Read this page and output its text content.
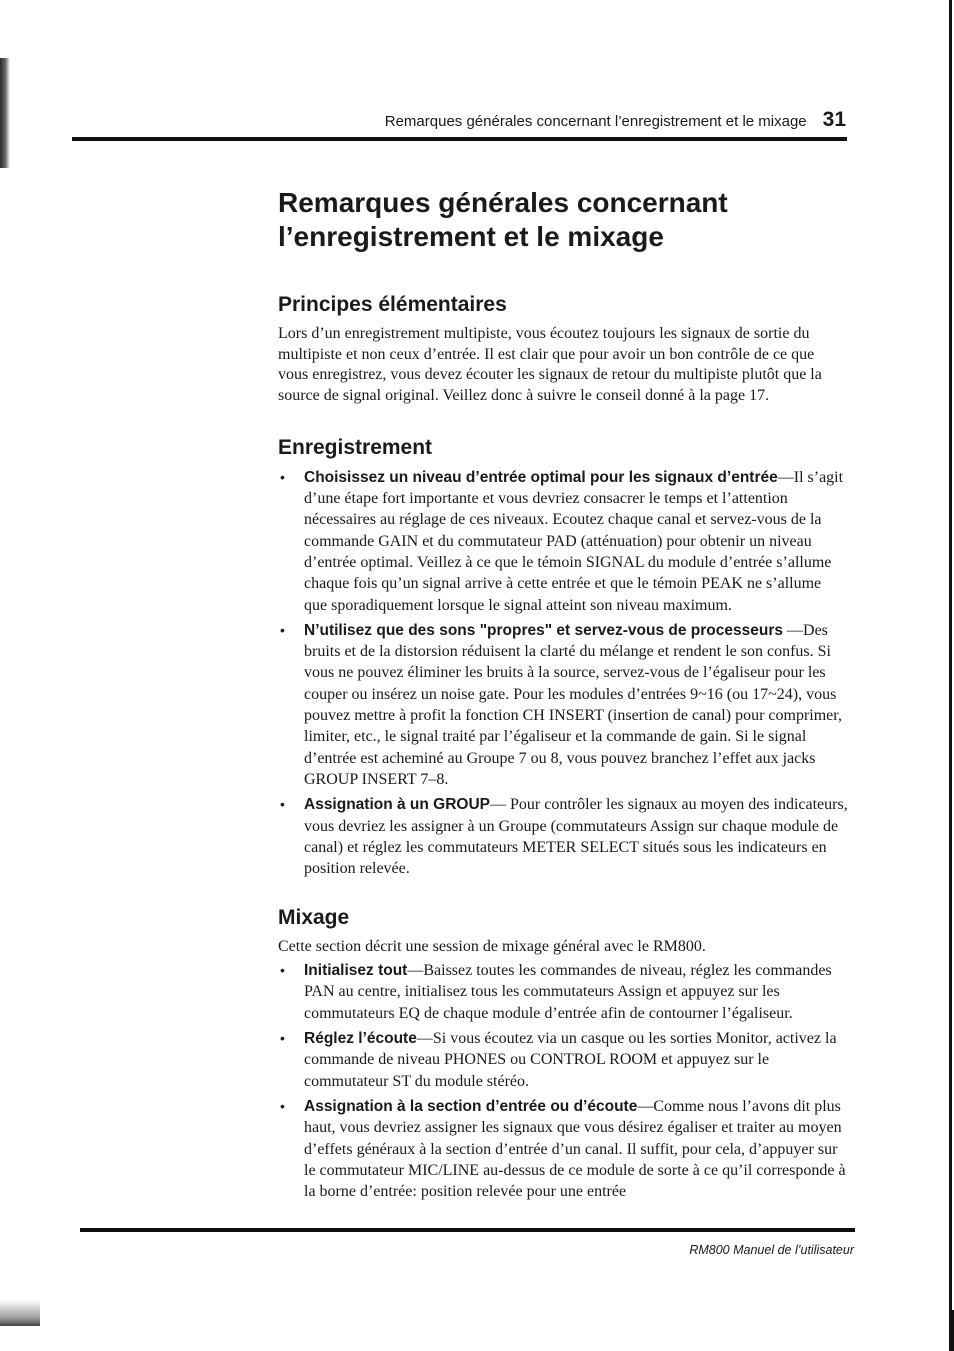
Remarques générales concernant l’enregistrement et le mixage 31
Remarques générales concernant
l’enregistrement et le mixage
Principes élémentaires

Lors d’un enregistrement multipiste, vous écoutez toujours les signaux de sortie du multipiste et non ceux d’entrée. Il est clair que pour avoir un bon contrôle de ce que vous enregistrez, vous devez écouter les signaux de retour du multipiste plutôt que la source de signal original. Veillez donc à suivre le conseil donné à la page 17.

Enregistrement
• Choisissez un niveau d’entrée optimal pour les signaux d’entrée—Il s’agit d’une étape fort importante et vous devriez consacrer le temps et l’attention nécessaires au réglage de ces niveaux. Ecoutez chaque canal et servez-vous de la commande GAIN et du commutateur PAD (atténuation) pour obtenir un niveau d’entrée optimal. Veillez à ce que le témoin SIGNAL du module d’entrée s’allume chaque fois qu’un signal arrive à cette entrée et que le témoin PEAK ne s’allume que sporadiquement lorsque le signal atteint son niveau maximum.
• N’utilisez que des sons "propres" et servez-vous de processeurs —Des bruits et de la distorsion réduisent la clarté du mélange et rendent le son confus. Si vous ne pouvez éliminer les bruits à la source, servez-vous de l’égaliseur pour les couper ou insérez un noise gate. Pour les modules d’entrées 9~16 (ou 17~24), vous pouvez mettre à profit la fonction CH INSERT (insertion de canal) pour comprimer, limiter, etc., le signal traité par l’égaliseur et la commande de gain. Si le signal d’entrée est acheminé au Groupe 7 ou 8, vous pouvez branchez l’effet aux jacks GROUP INSERT 7–8.
• Assignation à un GROUP— Pour contrôler les signaux au moyen des indicateurs, vous devriez les assigner à un Groupe (commutateurs Assign sur chaque module de canal) et réglez les commutateurs METER SELECT situés sous les indicateurs en position relevée.
Mixage

Cette section décrit une session de mixage général avec le RM800.

• Initialisez tout—Baissez toutes les commandes de niveau, réglez les commandes PAN au centre, initialisez tous les commutateurs Assign et appuyez sur les commutateurs EQ de chaque module d’entrée afin de contourner l’égaliseur.
• Réglez l’écoute—Si vous écoutez via un casque ou les sorties Monitor, activez la commande de niveau PHONES ou CONTROL ROOM et appuyez sur le commutateur ST du module stéréo.
• Assignation à la section d’entrée ou d’écoute—Comme nous l’avons dit plus haut, vous devriez assigner les signaux que vous désirez égaliser et traiter au moyen d’effets généraux à la section d’entrée d’un canal. Il suffit, pour cela, d’appuyer sur le commutateur MIC/LINE au-dessus de ce module de sorte à ce qu’il corresponde à la borne d’entrée: position relevée pour une entrée
RM800 Manuel de l’utilisateur
